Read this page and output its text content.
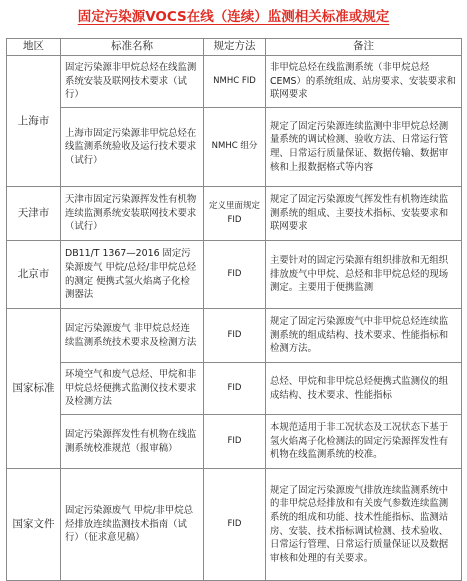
固定污染源VOCS在线（连续）监测相关标准或规定
地区	标准名称	规定方法	备注
上海市	固定污染源非甲烷总烃在线监测系统安装及联网技术要求（试行）	NMHC FID	非甲烷总烃在线监测系统（非甲烷总烃CEMS）的系统组成、站房要求、安装要求和联网要求
	上海市固定污染源非甲烷总烃在线监测系统验收及运行技术要求（试行）	NMHC 组分	规定了固定污染源连续监测中非甲烷总烃测量系统的调试检测、验收方法、日常运行管理、日常运行质量保证、数据传输、数据审核和上报数据格式等内容
天津市	天津市固定污染源挥发性有机物连续监测系统安装联网技术要求（试行）	定义里面规定FID	规定了固定污染源废气挥发性有机物连续监测系统的组成、主要技术指标、安装要求和联网要求
北京市	DB11/T 1367—2016 固定污染源废气 甲烷/总烃/非甲烷总烃的测定 便携式氢火焰离子化检测器法	FID	主要针对的固定污染源有组织排放和无组织排放废气中甲烷、总烃和非甲烷总烃的现场测定。主要用于便携监测
国家标准	固定污染源废气 非甲烷总烃连续监测系统技术要求及检测方法	FID	规定了固定污染源废气中非甲烷总烃连续监测系统的组成结构、技术要求、性能指标和检测方法。
	环境空气和废气总烃、甲烷和非甲烷总烃便携式监测仪技术要求及检测方法	FID	总烃、甲烷和非甲烷总烃便携式监测仪的组成结构、技术要求、性能指标
	固定污染源挥发性有机物在线监测系统校准规范（报审稿）	FID	本规范适用于非工况状态及工况状态下基于氢火焰离子化检测法的固定污染源挥发性有机物在线监测系统的校准。
国家文件	固定污染源废气 甲烷/非甲烷总烃排放连续监测技术指南（试行）（征求意见稿）	FID	规定了固定污染源废气排放连续监测系统中的非甲烷总烃排放和有关废气参数连续监测系统的组成和功能、技术性能指标、监测站房、安装、技术指标调试检测、技术验收、日常运行管理、日常运行质量保证以及数据审核和处理的有关要求。
